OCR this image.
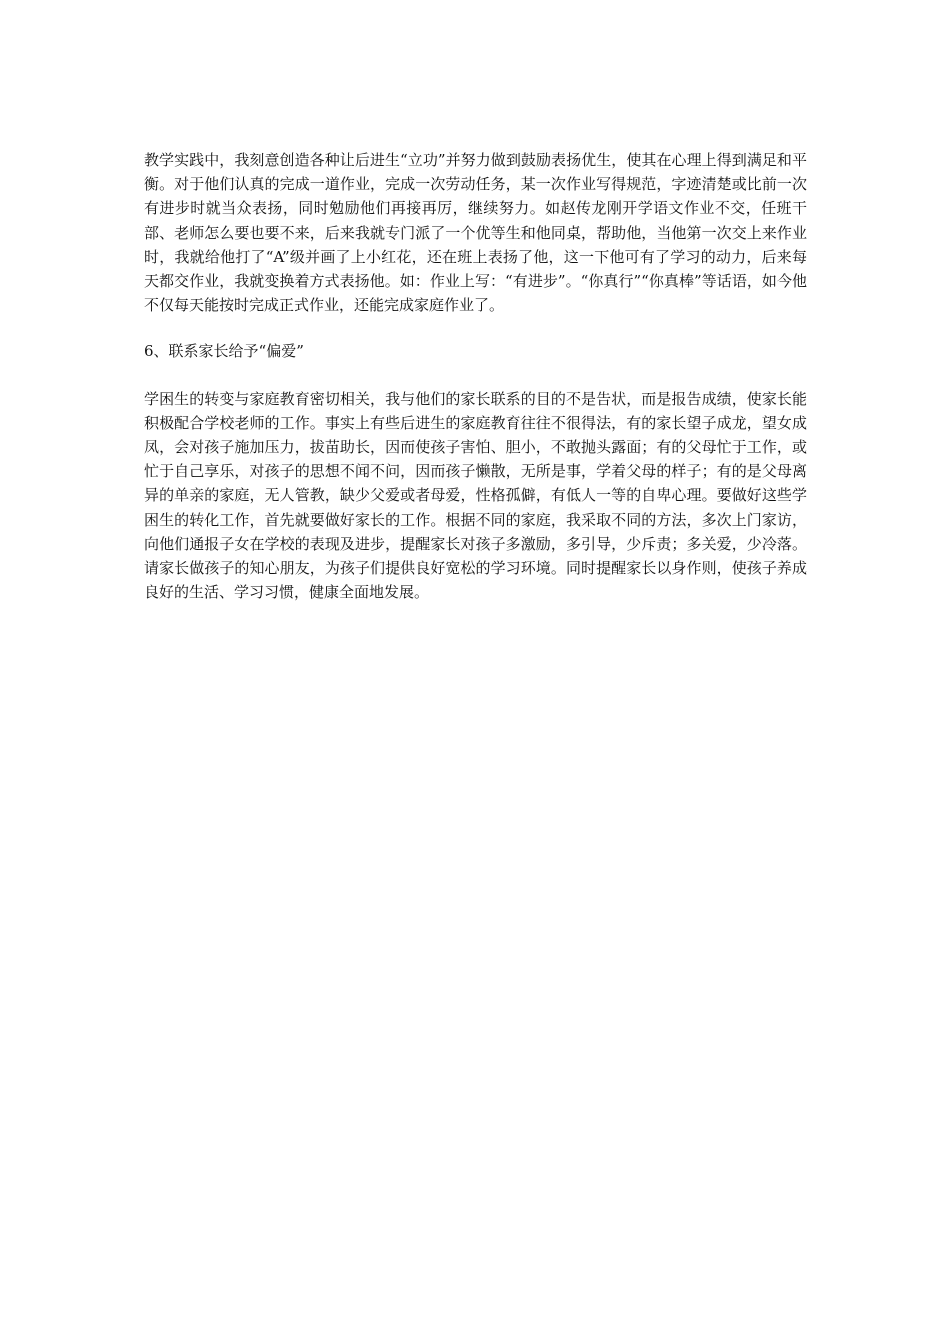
教学实践中，我刻意创造各种让后进生“立功”并努力做到鼓励表扬优生，使其在心理上得到满足和平衡。对于他们认真的完成一道作业，完成一次劳动任务，某一次作业写得规范，字迹清楚或比前一次有进步时就当众表扬，同时勉励他们再接再厉，继续努力。如赵传龙刚开学语文作业不交，任班干部、老师怎么要也要不来，后来我就专门派了一个优等生和他同桌，帮助他，当他第一次交上来作业时，我就给他打了“A”级并画了上小红花，还在班上表扬了他，这一下他可有了学习的动力，后来每天都交作业，我就变换着方式表扬他。如：作业上写：“有进步”。“你真行”“你真棒”等话语，如今他不仅每天能按时完成正式作业，还能完成家庭作业了。

6、联系家长给予“偏爱”

学困生的转变与家庭教育密切相关，我与他们的家长联系的目的不是告状，而是报告成绩，使家长能积极配合学校老师的工作。事实上有些后进生的家庭教育往往不很得法，有的家长望子成龙，望女成凤，会对孩子施加压力，拔苗助长，因而使孩子害怕、胆小，不敢抛头露面；有的父母忙于工作，或忙于自己享乐，对孩子的思想不闻不问，因而孩子懒散，无所是事，学着父母的样子；有的是父母离异的单亲的家庭，无人管教，缺少父爱或者母爱，性格孤僻，有低人一等的自卑心理。要做好这些学困生的转化工作，首先就要做好家长的工作。根据不同的家庭，我采取不同的方法，多次上门家访，向他们通报子女在学校的表现及进步，提醒家长对孩子多激励，多引导，少斥责；多关爱，少冷落。请家长做孩子的知心朋友，为孩子们提供良好宽松的学习环境。同时提醒家长以身作则，使孩子养成良好的生活、学习习惯，健康全面地发展。
